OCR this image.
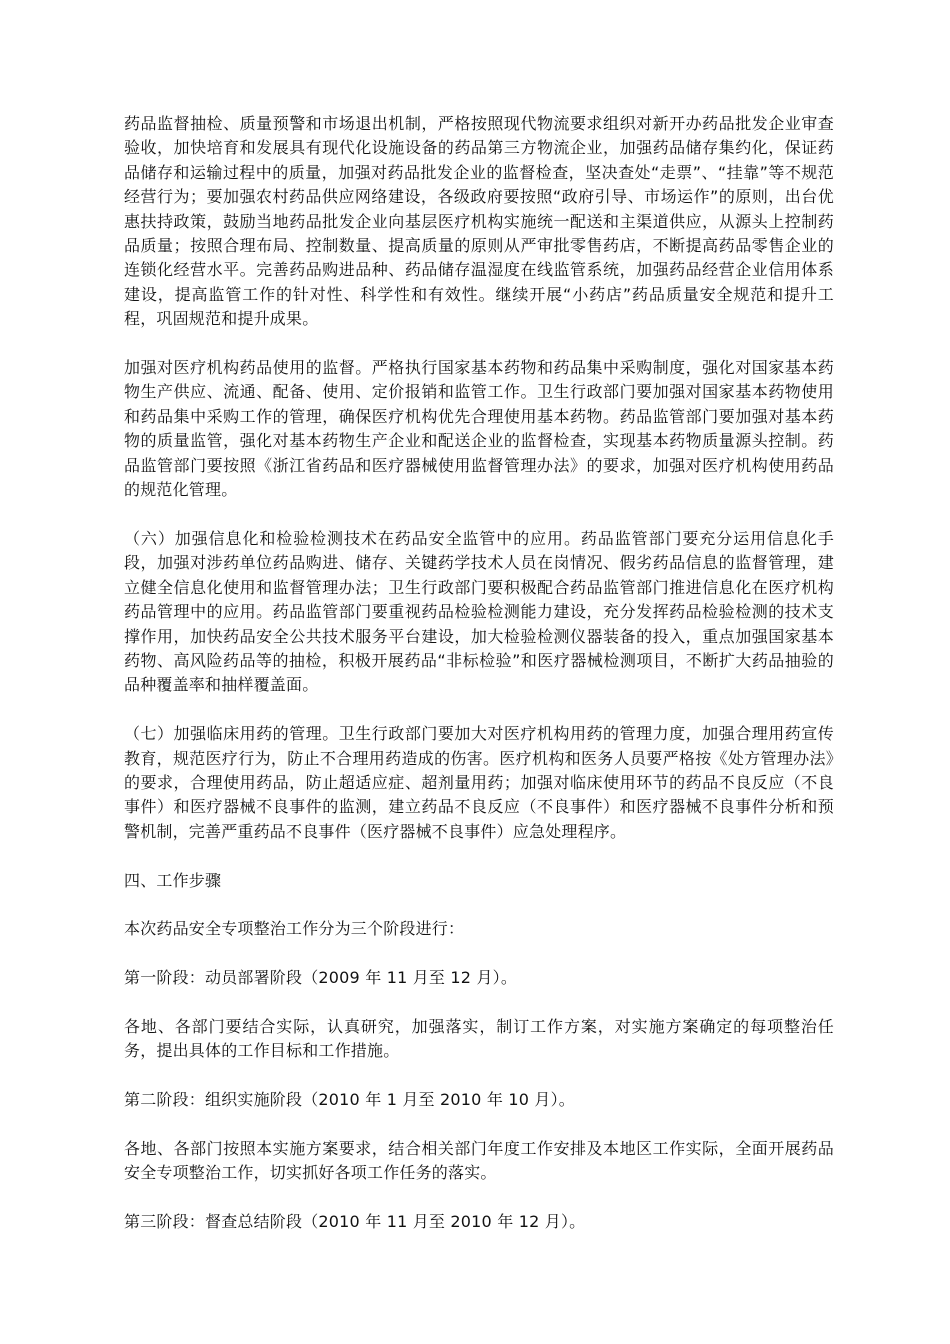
药品监督抽检、质量预警和市场退出机制，严格按照现代物流要求组织对新开办药品批发企业审查验收，加快培育和发展具有现代化设施设备的药品第三方物流企业，加强药品储存集约化，保证药品储存和运输过程中的质量，加强对药品批发企业的监督检查，坚决查处“走票”、“挂靠”等不规范经营行为；要加强农村药品供应网络建设，各级政府要按照“政府引导、市场运作”的原则，出台优惠扶持政策，鼓励当地药品批发企业向基层医疗机构实施统一配送和主渠道供应，从源头上控制药品质量；按照合理布局、控制数量、提高质量的原则从严审批零售药店，不断提高药品零售企业的连锁化经营水平。完善药品购进品种、药品储存温湿度在线监管系统，加强药品经营企业信用体系建设，提高监管工作的针对性、科学性和有效性。继续开展“小药店”药品质量安全规范和提升工程，巩固规范和提升成果。

加强对医疗机构药品使用的监督。严格执行国家基本药物和药品集中采购制度，强化对国家基本药物生产供应、流通、配备、使用、定价报销和监管工作。卫生行政部门要加强对国家基本药物使用和药品集中采购工作的管理，确保医疗机构优先合理使用基本药物。药品监管部门要加强对基本药物的质量监管，强化对基本药物生产企业和配送企业的监督检查，实现基本药物质量源头控制。药品监管部门要按照《浙江省药品和医疗器械使用监督管理办法》的要求，加强对医疗机构使用药品的规范化管理。

（六）加强信息化和检验检测技术在药品安全监管中的应用。药品监管部门要充分运用信息化手段，加强对涉药单位药品购进、储存、关键药学技术人员在岗情况、假劣药品信息的监督管理，建立健全信息化使用和监督管理办法；卫生行政部门要积极配合药品监管部门推进信息化在医疗机构药品管理中的应用。药品监管部门要重视药品检验检测能力建设，充分发挥药品检验检测的技术支撑作用，加快药品安全公共技术服务平台建设，加大检验检测仪器装备的投入，重点加强国家基本药物、高风险药品等的抽检，积极开展药品“非标检验”和医疗器械检测项目，不断扩大药品抽验的品种覆盖率和抽样覆盖面。

（七）加强临床用药的管理。卫生行政部门要加大对医疗机构用药的管理力度，加强合理用药宣传教育，规范医疗行为，防止不合理用药造成的伤害。医疗机构和医务人员要严格按《处方管理办法》的要求，合理使用药品，防止超适应症、超剂量用药；加强对临床使用环节的药品不良反应（不良事件）和医疗器械不良事件的监测，建立药品不良反应（不良事件）和医疗器械不良事件分析和预警机制，完善严重药品不良事件（医疗器械不良事件）应急处理程序。

四、工作步骤

本次药品安全专项整治工作分为三个阶段进行：

第一阶段：动员部署阶段（2009 年 11 月至 12 月）。

各地、各部门要结合实际，认真研究，加强落实，制订工作方案，对实施方案确定的每项整治任务，提出具体的工作目标和工作措施。

第二阶段：组织实施阶段（2010 年 1 月至 2010 年 10 月）。

各地、各部门按照本实施方案要求，结合相关部门年度工作安排及本地区工作实际，全面开展药品安全专项整治工作，切实抓好各项工作任务的落实。

第三阶段：督查总结阶段（2010 年 11 月至 2010 年 12 月）。
